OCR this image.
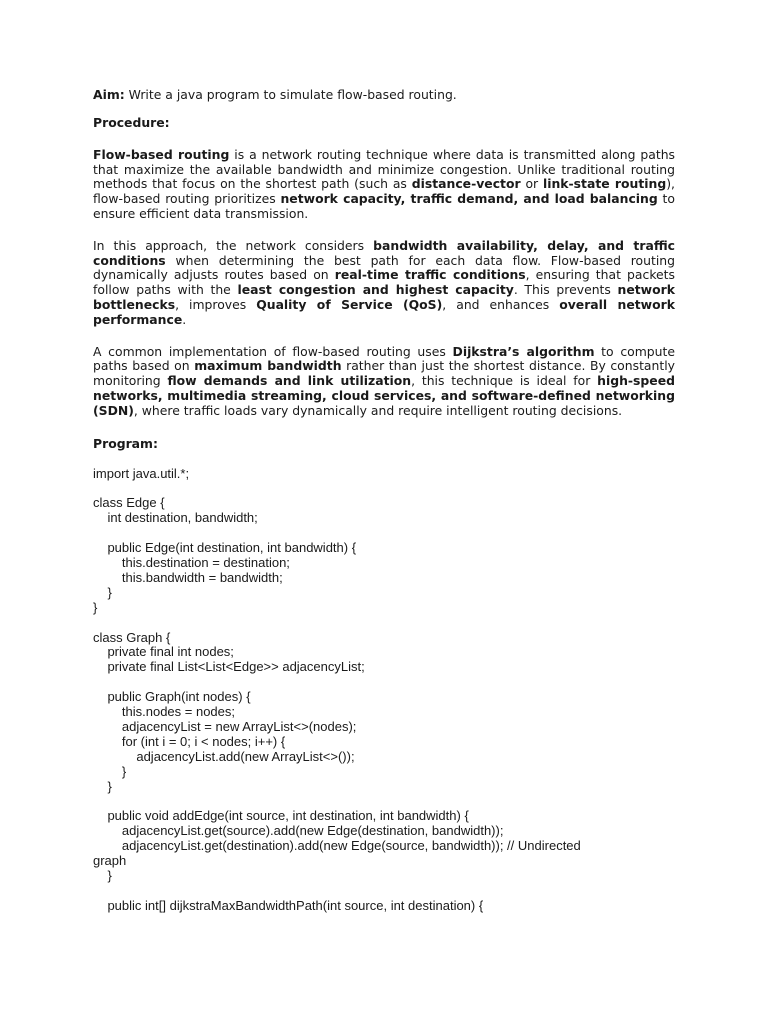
Aim: Write a java program to simulate flow-based routing.

Procedure:

Flow-based routing is a network routing technique where data is transmitted along paths that maximize the available bandwidth and minimize congestion. Unlike traditional routing methods that focus on the shortest path (such as distance-vector or link-state routing), flow-based routing prioritizes network capacity, traffic demand, and load balancing to ensure efficient data transmission.

In this approach, the network considers bandwidth availability, delay, and traffic conditions when determining the best path for each data flow. Flow-based routing dynamically adjusts routes based on real-time traffic conditions, ensuring that packets follow paths with the least congestion and highest capacity. This prevents network bottlenecks, improves Quality of Service (QoS), and enhances overall network performance.

A common implementation of flow-based routing uses Dijkstra’s algorithm to compute paths based on maximum bandwidth rather than just the shortest distance. By constantly monitoring flow demands and link utilization, this technique is ideal for high-speed networks, multimedia streaming, cloud services, and software-defined networking (SDN), where traffic loads vary dynamically and require intelligent routing decisions.

Program:

import java.util.*;

class Edge {
int destination, bandwidth;

public Edge(int destination, int bandwidth) {
this.destination = destination;
this.bandwidth = bandwidth;
}
}

class Graph {
private final int nodes;
private final List<List<Edge>> adjacencyList;

public Graph(int nodes) {
this.nodes = nodes;
adjacencyList = new ArrayList<>(nodes);
for (int i = 0; i < nodes; i++) {
adjacencyList.add(new ArrayList<>());
}
}

public void addEdge(int source, int destination, int bandwidth) {
adjacencyList.get(source).add(new Edge(destination, bandwidth));
adjacencyList.get(destination).add(new Edge(source, bandwidth)); // Undirected
graph
}

public int[] dijkstraMaxBandwidthPath(int source, int destination) {
